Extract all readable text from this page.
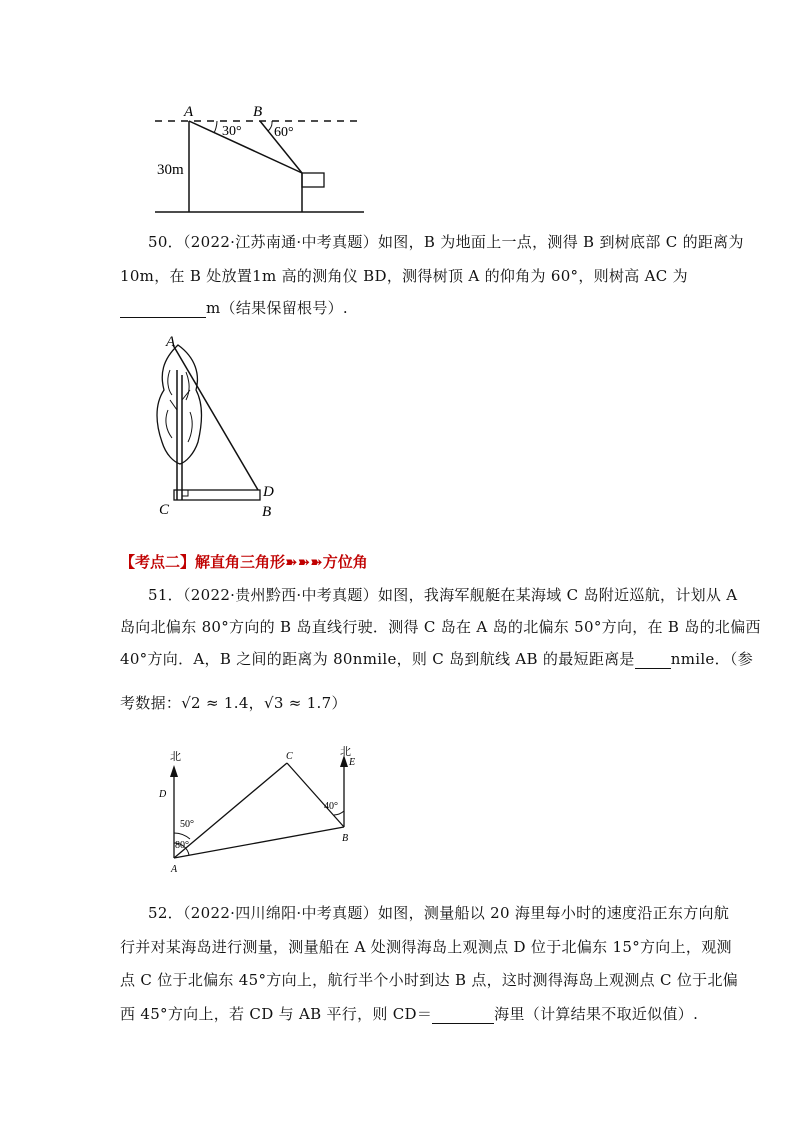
A	B
30° 60°
30m
50．（2022·江苏南通·中考真题）如图，B 为地面上一点，测得 B 到树底部 C 的距离为
10m，在 B 处放置1m 高的测角仪 BD，测得树顶 A 的仰角为 60°，则树高 AC 为
m（结果保留根号）.
A
C
D
B
【考点二】解直角三角形➽➽➽方位角
51．（2022·贵州黔西·中考真题）如图，我海军舰艇在某海域 C 岛附近巡航，计划从 A
岛向北偏东 80°方向的 B 岛直线行驶．测得 C 岛在 A 岛的北偏东 50°方向，在 B 岛的北偏西
40°方向．A，B 之间的距离为 80nmile，则 C 岛到航线 AB 的最短距离是 nmile．（参
考数据：√2 ≈ 1.4，√3 ≈ 1.7）
北	北
D
E
C
A
B
50°
80°
40°
52．（2022·四川绵阳·中考真题）如图，测量船以 20 海里每小时的速度沿正东方向航
行并对某海岛进行测量，测量船在 A 处测得海岛上观测点 D 位于北偏东 15°方向上，观测
点 C 位于北偏东 45°方向上，航行半个小时到达 B 点，这时测得海岛上观测点 C 位于北偏
西 45°方向上，若 CD 与 AB 平行，则 CD＝	海里（计算结果不取近似值）.
